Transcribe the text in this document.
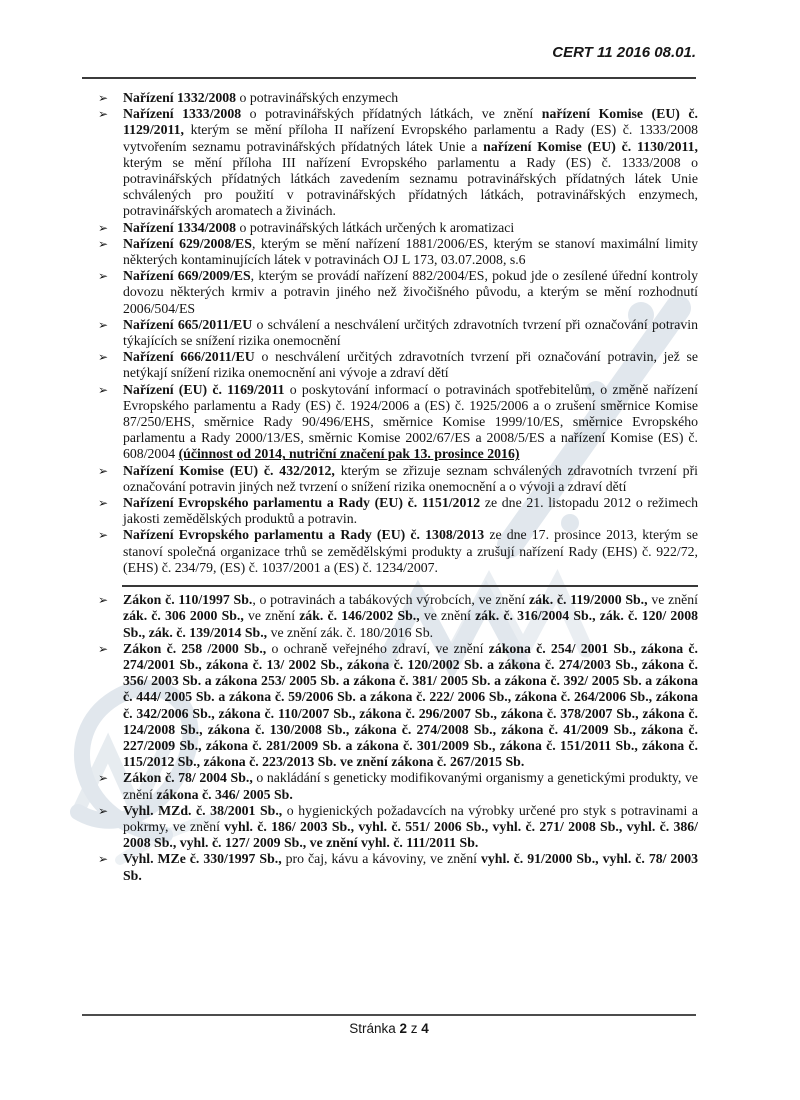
CERT 11 2016 08.01.
➢	Nařízení 1332/2008 o potravinářských enzymech
➢	Nařízení 1333/2008 o potravinářských přídatných látkách, ve znění nařízení Komise (EU) č. 1129/2011, kterým se mění příloha II nařízení Evropského parlamentu a Rady (ES) č. 1333/2008 vytvořením seznamu potravinářských přídatných látek Unie a nařízení Komise (EU) č. 1130/2011, kterým se mění příloha III nařízení Evropského parlamentu a Rady (ES) č. 1333/2008 o potravinářských přídatných látkách zavedením seznamu potravinářských přídatných látek Unie schválených pro použití v potravinářských přídatných látkách, potravinářských enzymech, potravinářských aromatech a živinách.
➢	Nařízení 1334/2008 o potravinářských látkách určených k aromatizaci
➢	Nařízení 629/2008/ES, kterým se mění nařízení 1881/2006/ES, kterým se stanoví maximální limity některých kontaminujících látek v potravinách OJ L 173, 03.07.2008, s.6
➢	Nařízení 669/2009/ES, kterým se provádí nařízení 882/2004/ES, pokud jde o zesílené úřední kontroly dovozu některých krmiv a potravin jiného než živočišného původu, a kterým se mění rozhodnutí 2006/504/ES
➢	Nařízení 665/2011/EU o schválení a neschválení určitých zdravotních tvrzení při označování potravin týkajících se snížení rizika onemocnění
➢	Nařízení 666/2011/EU o neschválení určitých zdravotních tvrzení při označování potravin, jež se netýkají snížení rizika onemocnění ani vývoje a zdraví dětí
➢	Nařízení (EU) č. 1169/2011 o poskytování informací o potravinách spotřebitelům, o změně nařízení Evropského parlamentu a Rady (ES) č. 1924/2006 a (ES) č. 1925/2006 a o zrušení směrnice Komise 87/250/EHS, směrnice Rady 90/496/EHS, směrnice Komise 1999/10/ES, směrnice Evropského parlamentu a Rady 2000/13/ES, směrnic Komise 2002/67/ES a 2008/5/ES a nařízení Komise (ES) č. 608/2004 (účinnost od 2014, nutriční značení pak 13. prosince 2016)
➢	Nařízení Komise (EU) č. 432/2012, kterým se zřizuje seznam schválených zdravotních tvrzení při označování potravin jiných než tvrzení o snížení rizika onemocnění a o vývoji a zdraví dětí
➢	Nařízení Evropského parlamentu a Rady (EU) č. 1151/2012 ze dne 21. listopadu 2012 o režimech jakosti zemědělských produktů a potravin.
➢	Nařízení Evropského parlamentu a Rady (EU) č. 1308/2013 ze dne 17. prosince 2013, kterým se stanoví společná organizace trhů se zemědělskými produkty a zrušují nařízení Rady (EHS) č. 922/72, (EHS) č. 234/79, (ES) č. 1037/2001 a (ES) č. 1234/2007.
➢	Zákon č. 110/1997 Sb., o potravinách a tabákových výrobcích, ve znění zák. č. 119/2000 Sb., ve znění zák. č. 306 2000 Sb., ve znění zák. č. 146/2002 Sb., ve znění zák. č. 316/2004 Sb., zák. č. 120/ 2008 Sb., zák. č. 139/2014 Sb., ve znění zák. č. 180/2016 Sb.
➢	Zákon č. 258 /2000 Sb., o ochraně veřejného zdraví, ve znění zákona č. 254/ 2001 Sb., zákona č. 274/2001 Sb., zákona č. 13/ 2002 Sb., zákona č. 120/2002 Sb. a zákona č. 274/2003 Sb., zákona č. 356/ 2003 Sb. a zákona 253/ 2005 Sb. a zákona č. 381/ 2005 Sb. a zákona č. 392/ 2005 Sb. a zákona č. 444/ 2005 Sb. a zákona č. 59/2006 Sb. a zákona č. 222/ 2006 Sb., zákona č. 264/2006 Sb., zákona č. 342/2006 Sb., zákona č. 110/2007 Sb., zákona č. 296/2007 Sb., zákona č. 378/2007 Sb., zákona č. 124/2008 Sb., zákona č. 130/2008 Sb., zákona č. 274/2008 Sb., zákona č. 41/2009 Sb., zákona č. 227/2009 Sb., zákona č. 281/2009 Sb. a zákona č. 301/2009 Sb., zákona č. 151/2011 Sb., zákona č. 115/2012 Sb., zákona č. 223/2013 Sb. ve znění zákona č. 267/2015 Sb.
➢	Zákon č. 78/ 2004 Sb., o nakládání s geneticky modifikovanými organismy a genetickými produkty, ve znění zákona č. 346/ 2005 Sb.
➢	Vyhl. MZd. č. 38/2001 Sb., o hygienických požadavcích na výrobky určené pro styk s potravinami a pokrmy, ve znění vyhl. č. 186/ 2003 Sb., vyhl. č. 551/ 2006 Sb., vyhl. č. 271/ 2008 Sb., vyhl. č. 386/ 2008 Sb., vyhl. č. 127/ 2009 Sb., ve znění vyhl. č. 111/2011 Sb.
➢	Vyhl. MZe č. 330/1997 Sb., pro čaj, kávu a kávoviny, ve znění vyhl. č. 91/2000 Sb., vyhl. č. 78/ 2003 Sb.
Stránka 2 z 4
